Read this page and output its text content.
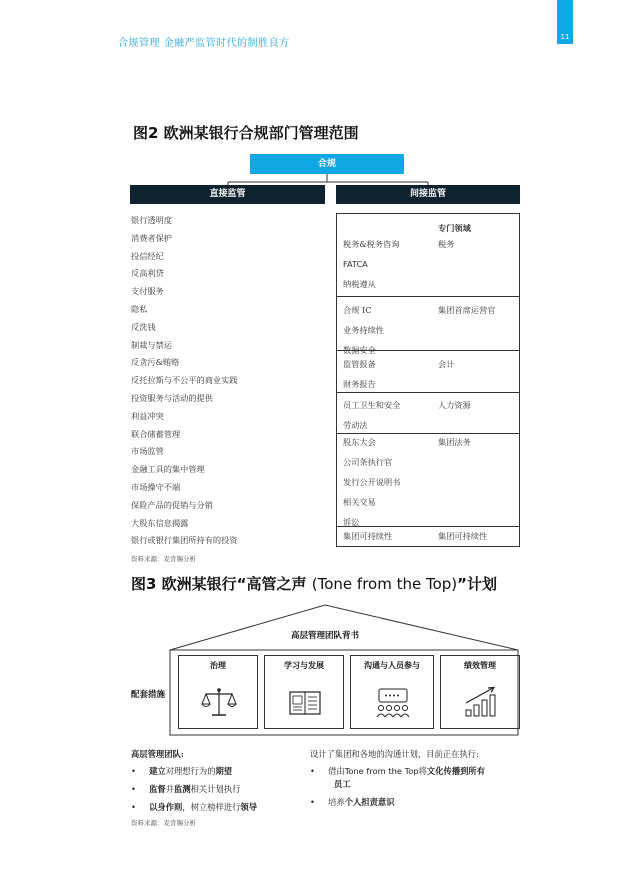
合规管理 金融严监管时代的制胜良方
11
图2 欧洲某银行合规部门管理范围
合规
直接监管	间接监管
银行透明度
消费者保护
投信经纪
反高利贷
支付服务
隐私
反洗钱
制裁与禁运
反贪污&贿赂
反托拉斯与不公平的商业实践
投资服务与活动的提供
利益冲突
联合储蓄管理
市场监管
金融工具的集中管理
市场操守不端
保险产品的促销与分销
大股东信息揭露
银行或银行集团所持有的投资
专门领域
税务&税务咨询	税务
FATCA
纳税遵从
合规 IC	集团首席运营官
业务持续性
数据安全
监管报备	会计
财务报告
员工卫生和安全	人力资源
劳动法
股东大会	集团法务
公司条执行官
发行公开说明书
相关交易
诉讼
集团可持续性	集团可持续性
资料来源：麦肯锡分析
图3 欧洲某银行“高管之声 (Tone from the Top)”计划
高层管理团队背书
配套措施
治理	学习与发展	沟通与人员参与	绩效管理
高层管理团队:
•     建立对理想行为的期望
•     监督并监测相关计划执行
•     以身作则，树立榜样进行领导
设计了集团和各地的沟通计划，目前正在执行:
•     借由Tone from the Top将文化传播到所有
员工
•     培养个人担责意识
资料来源：麦肯锡分析
